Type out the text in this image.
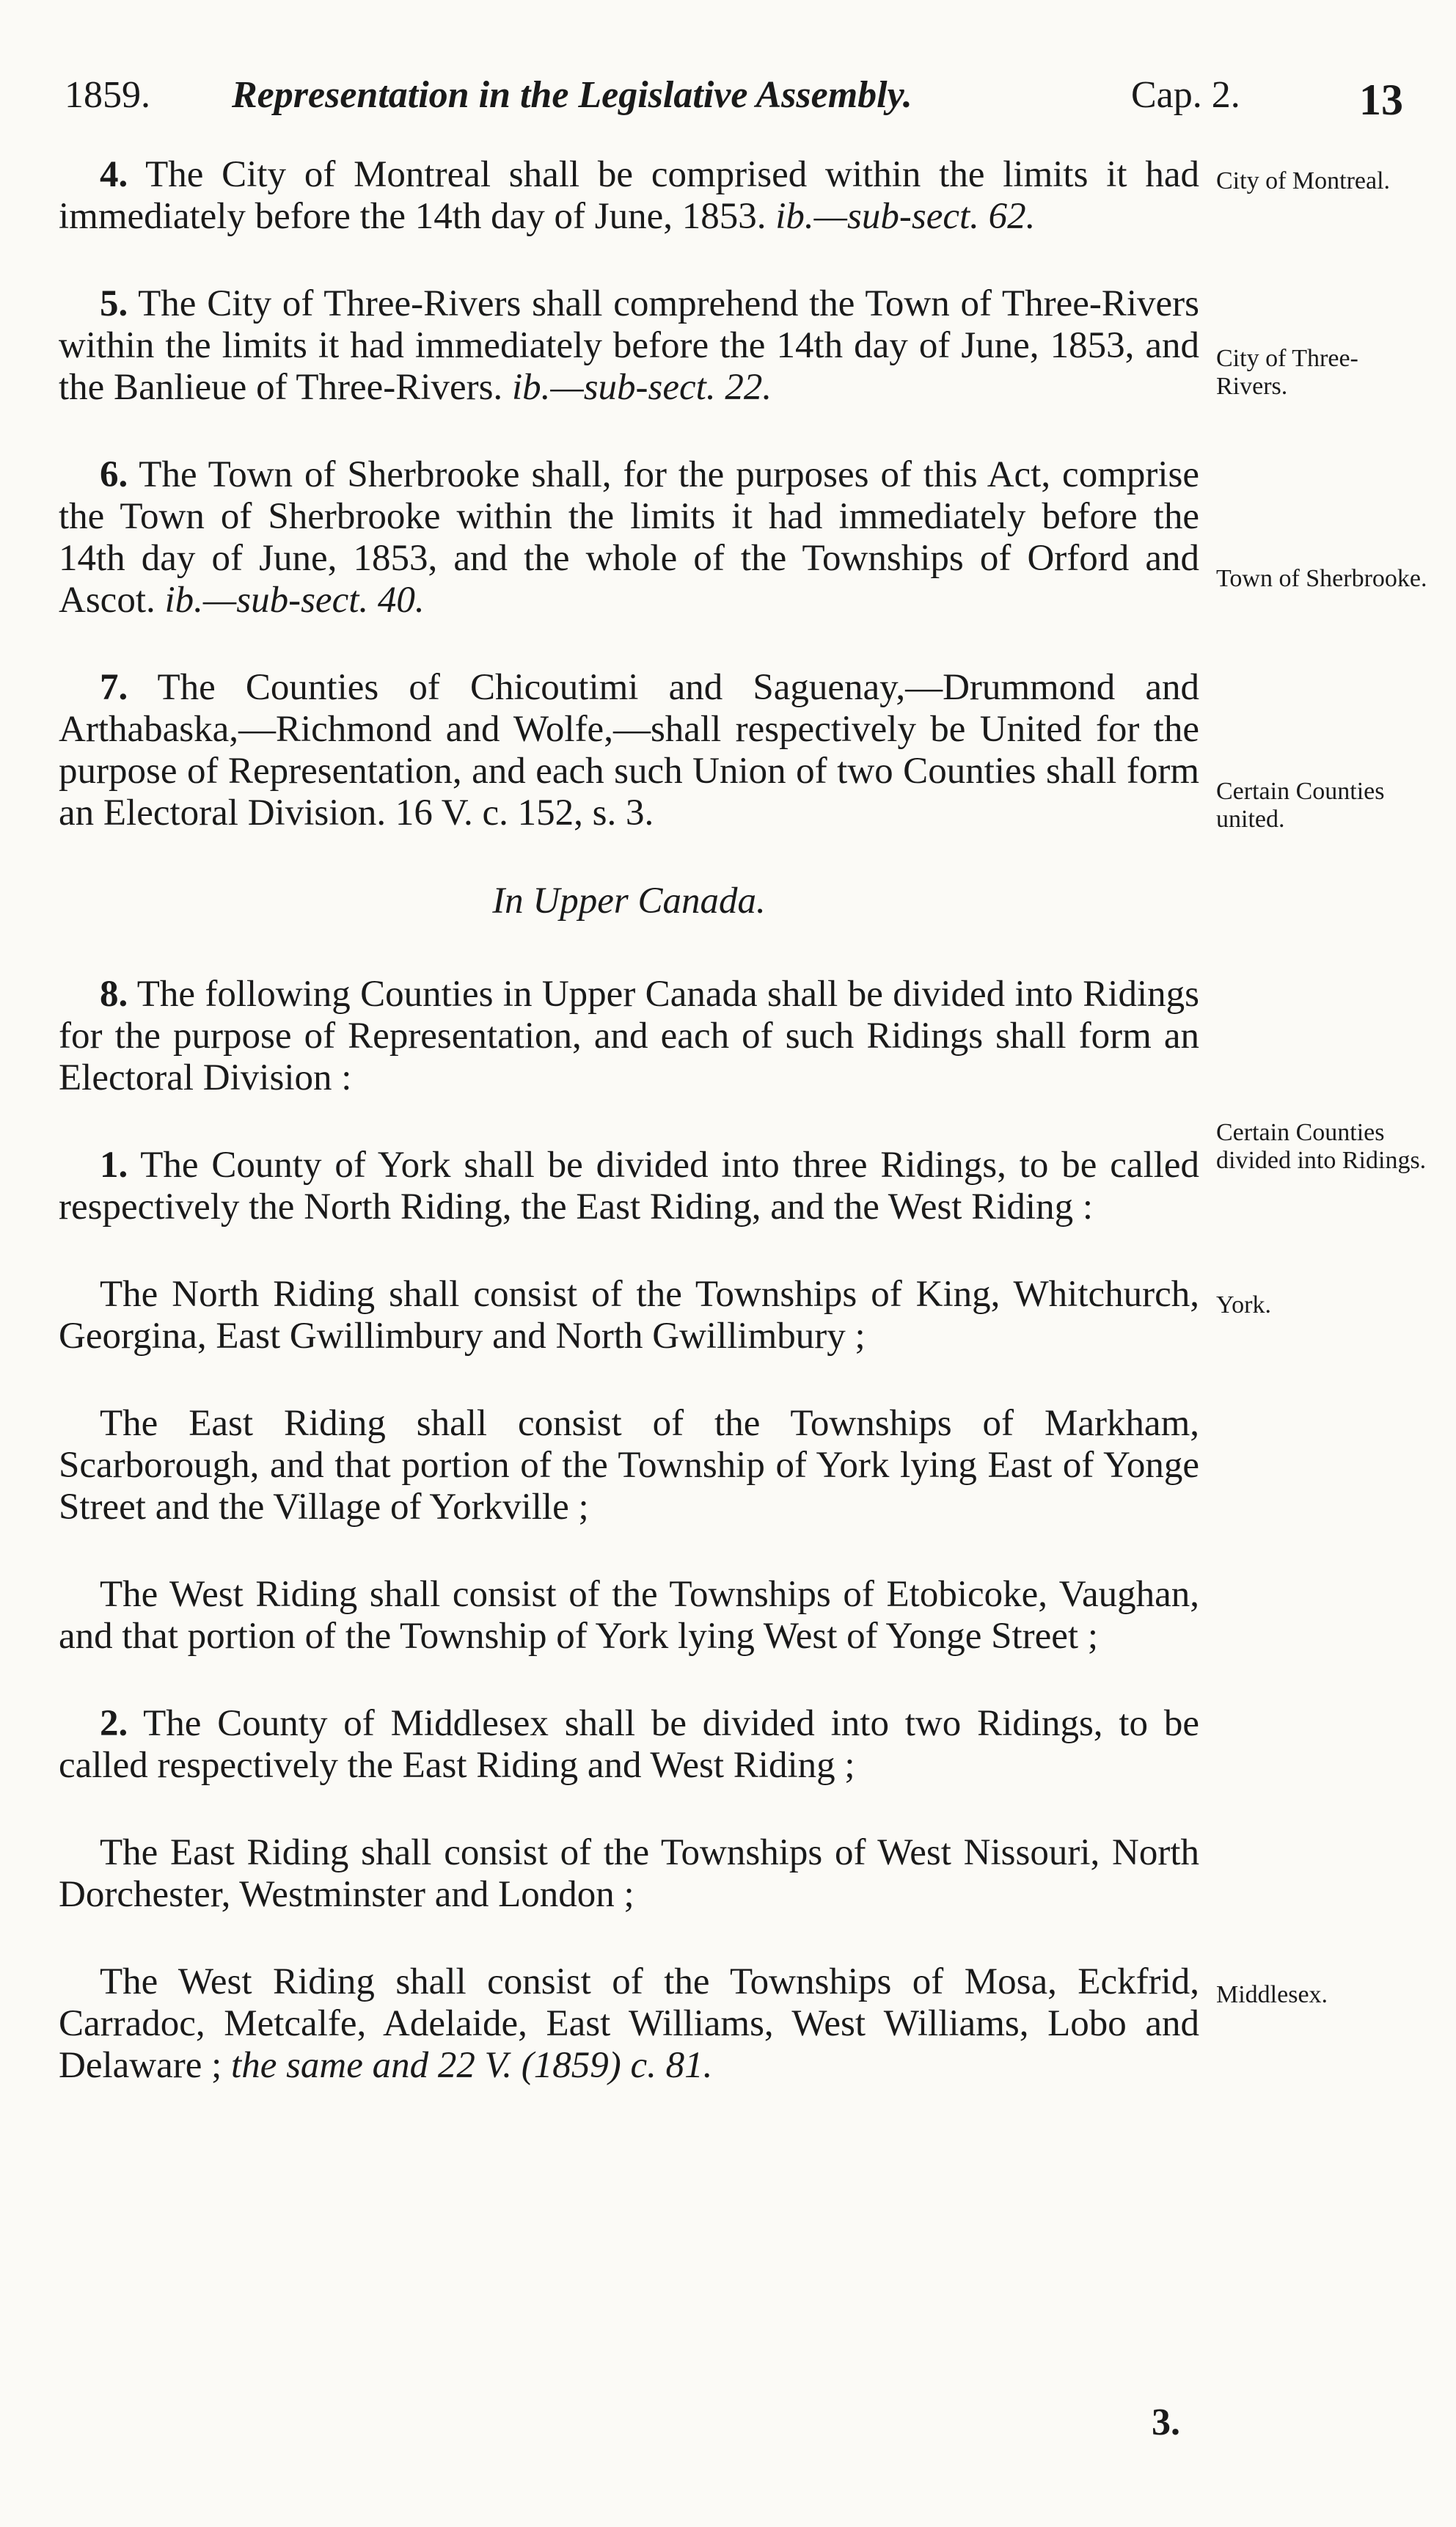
1859. Representation in the Legislative Assembly.	Cap. 2.	13

4. The City of Montreal shall be comprised within the limits it had immediately before the 14th day of June, 1853. ib.—sub-sect. 62.

5. The City of Three-Rivers shall comprehend the Town of Three-Rivers within the limits it had immediately before the 14th day of June, 1853, and the Banlieue of Three-Rivers. ib.—sub-sect. 22.

6. The Town of Sherbrooke shall, for the purposes of this Act, comprise the Town of Sherbrooke within the limits it had immediately before the 14th day of June, 1853, and the whole of the Townships of Orford and Ascot. ib.—sub-sect. 40.

7. The Counties of Chicoutimi and Saguenay,—Drummond and Arthabaska,—Richmond and Wolfe,—shall respectively be United for the purpose of Representation, and each such Union of two Counties shall form an Electoral Division. 16 V. c. 152, s. 3.

In Upper Canada.

8. The following Counties in Upper Canada shall be divided into Ridings for the purpose of Representation, and each of such Ridings shall form an Electoral Division :

1. The County of York shall be divided into three Ridings, to be called respectively the North Riding, the East Riding, and the West Riding :

The North Riding shall consist of the Townships of King, Whitchurch, Georgina, East Gwillimbury and North Gwillimbury ;

The East Riding shall consist of the Townships of Markham, Scarborough, and that portion of the Township of York lying East of Yonge Street and the Village of Yorkville ;

The West Riding shall consist of the Townships of Etobicoke, Vaughan, and that portion of the Township of York lying West of Yonge Street ;

2. The County of Middlesex shall be divided into two Ridings, to be called respectively the East Riding and West Riding ;

The East Riding shall consist of the Townships of West Nissouri, North Dorchester, Westminster and London ;

The West Riding shall consist of the Townships of Mosa, Eckfrid, Carradoc, Metcalfe, Adelaide, East Williams, West Williams, Lobo and Delaware ; the same and 22 V. (1859) c. 81.

City of Montreal.
City of Three-Rivers.
Town of Sherbrooke.
Certain Counties united.
Certain Counties divided into Ridings.
York.
Middlesex.
3.
